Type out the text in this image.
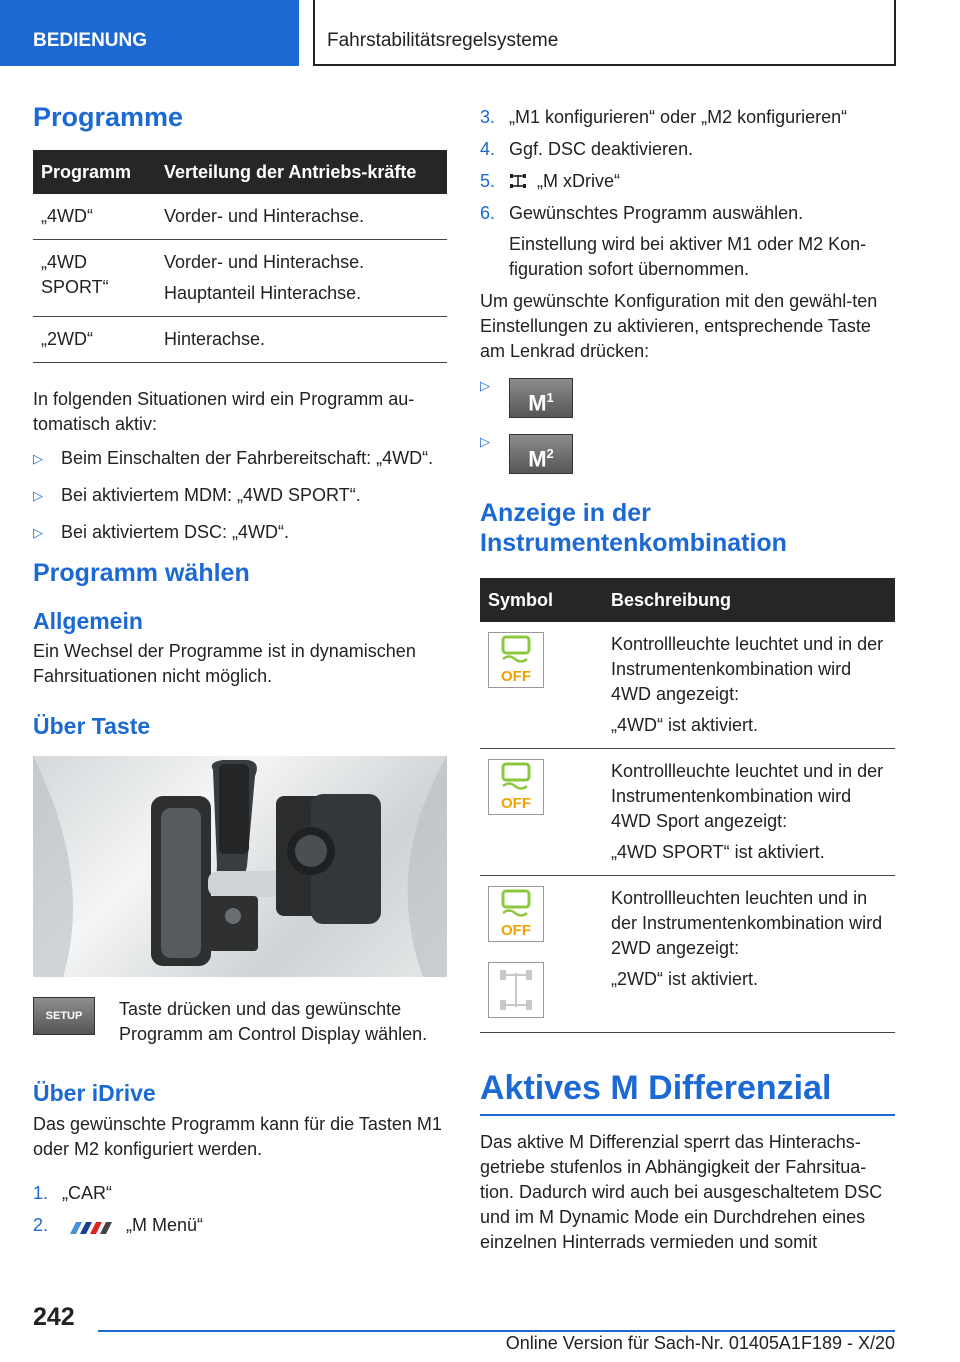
BEDIENUNG	Fahrstabilitätsregelsysteme
Programme
Programm	Verteilung der Antriebs-kräfte
„4WD“	Vorder- und Hinterachse.
„4WD SPORT“	Vorder- und Hinterachse.
Hauptanteil Hinterachse.

„2WD“	Hinterachse.

In folgenden Situationen wird ein Programm au-tomatisch aktiv:

▷ Beim Einschalten der Fahrbereitschaft: „4WD“.
▷ Bei aktiviertem MDM: „4WD SPORT“.
▷ Bei aktiviertem DSC: „4WD“.
Programm wählen
Allgemein

Ein Wechsel der Programme ist in dynamischen Fahrsituationen nicht möglich.

Über Taste
SETUP	Taste drücken und das gewünschte Programm am Control Display wählen.

Über iDrive

Das gewünschte Programm kann für die Tasten M1 oder M2 konfiguriert werden.

1. „CAR“
2.	„M Menü“
3. „M1 konfigurieren“ oder „M2 konfigurieren“
4. Ggf. DSC deaktivieren.
5. „M xDrive“
6. Gewünschtes Programm auswählen.

Einstellung wird bei aktiver M1 oder M2 Kon-figuration sofort übernommen.

Um gewünschte Konfiguration mit den gewähl-ten Einstellungen zu aktivieren, entsprechende Taste am Lenkrad drücken:

▷
$M^1$
▷
$M^2$
Anzeige in der Instrumentenkombination
Symbol	Beschreibung

OFF	Kontrollleuchte leuchtet und in der Instrumentenkombination wird 4WD angezeigt:
„4WD“ ist aktiviert.

OFF	Kontrollleuchte leuchtet und in der Instrumentenkombination wird 4WD Sport angezeigt:
„4WD SPORT“ ist aktiviert.

OFF	Kontrollleuchten leuchten und in der Instrumentenkombination wird 2WD angezeigt:
„2WD“ ist aktiviert.
Aktives M Differenzial

Das aktive M Differenzial sperrt das Hinterachs-getriebe stufenlos in Abhängigkeit der Fahrsitua-tion. Dadurch wird auch bei ausgeschaltetem DSC und im M Dynamic Mode ein Durchdrehen eines einzelnen Hinterrads vermieden und somit

242
Online Version für Sach-Nr. 01405A1F189 - X/20
